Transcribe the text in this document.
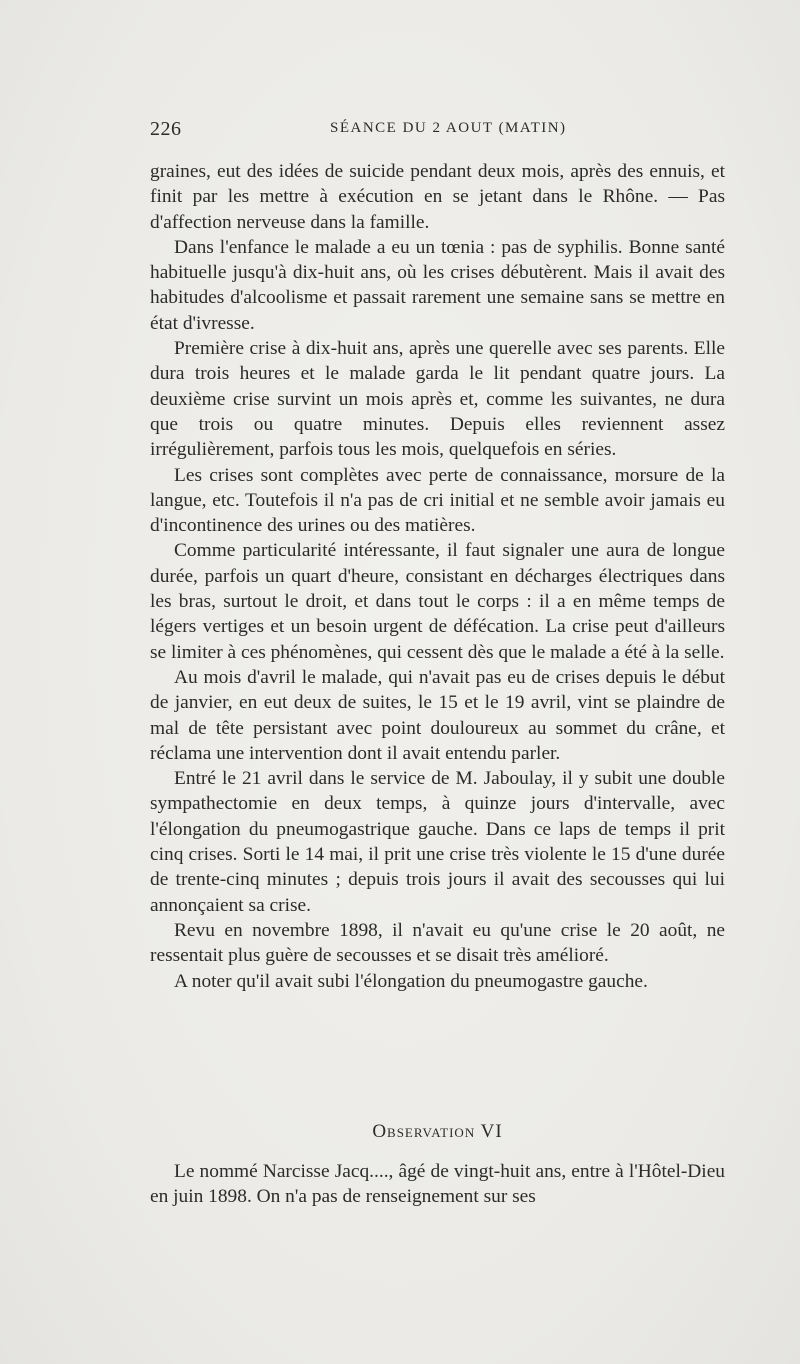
226	SÉANCE DU 2 AOUT (MATIN)

graines, eut des idées de suicide pendant deux mois, après des ennuis, et finit par les mettre à exécution en se jetant dans le Rhône. — Pas d'affection nerveuse dans la famille.

Dans l'enfance le malade a eu un tœnia : pas de syphilis. Bonne santé habituelle jusqu'à dix-huit ans, où les crises débutèrent. Mais il avait des habitudes d'alcoolisme et passait rarement une semaine sans se mettre en état d'ivresse.

Première crise à dix-huit ans, après une querelle avec ses parents. Elle dura trois heures et le malade garda le lit pendant quatre jours. La deuxième crise survint un mois après et, comme les suivantes, ne dura que trois ou quatre minutes. Depuis elles reviennent assez irrégulièrement, parfois tous les mois, quelquefois en séries.

Les crises sont complètes avec perte de connaissance, morsure de la langue, etc. Toutefois il n'a pas de cri initial et ne semble avoir jamais eu d'incontinence des urines ou des matières.

Comme particularité intéressante, il faut signaler une aura de longue durée, parfois un quart d'heure, consistant en décharges électriques dans les bras, surtout le droit, et dans tout le corps : il a en même temps de légers vertiges et un besoin urgent de défécation. La crise peut d'ailleurs se limiter à ces phénomènes, qui cessent dès que le malade a été à la selle.

Au mois d'avril le malade, qui n'avait pas eu de crises depuis le début de janvier, en eut deux de suites, le 15 et le 19 avril, vint se plaindre de mal de tête persistant avec point douloureux au sommet du crâne, et réclama une intervention dont il avait entendu parler.

Entré le 21 avril dans le service de M. Jaboulay, il y subit une double sympathectomie en deux temps, à quinze jours d'intervalle, avec l'élongation du pneumogastrique gauche. Dans ce laps de temps il prit cinq crises. Sorti le 14 mai, il prit une crise très violente le 15 d'une durée de trente-cinq minutes ; depuis trois jours il avait des secousses qui lui annonçaient sa crise.

Revu en novembre 1898, il n'avait eu qu'une crise le 20 août, ne ressentait plus guère de secousses et se disait très amélioré.

A noter qu'il avait subi l'élongation du pneumogastre gauche.

Observation VI

Le nommé Narcisse Jacq...., âgé de vingt-huit ans, entre à l'Hôtel-Dieu en juin 1898. On n'a pas de renseignement sur ses
